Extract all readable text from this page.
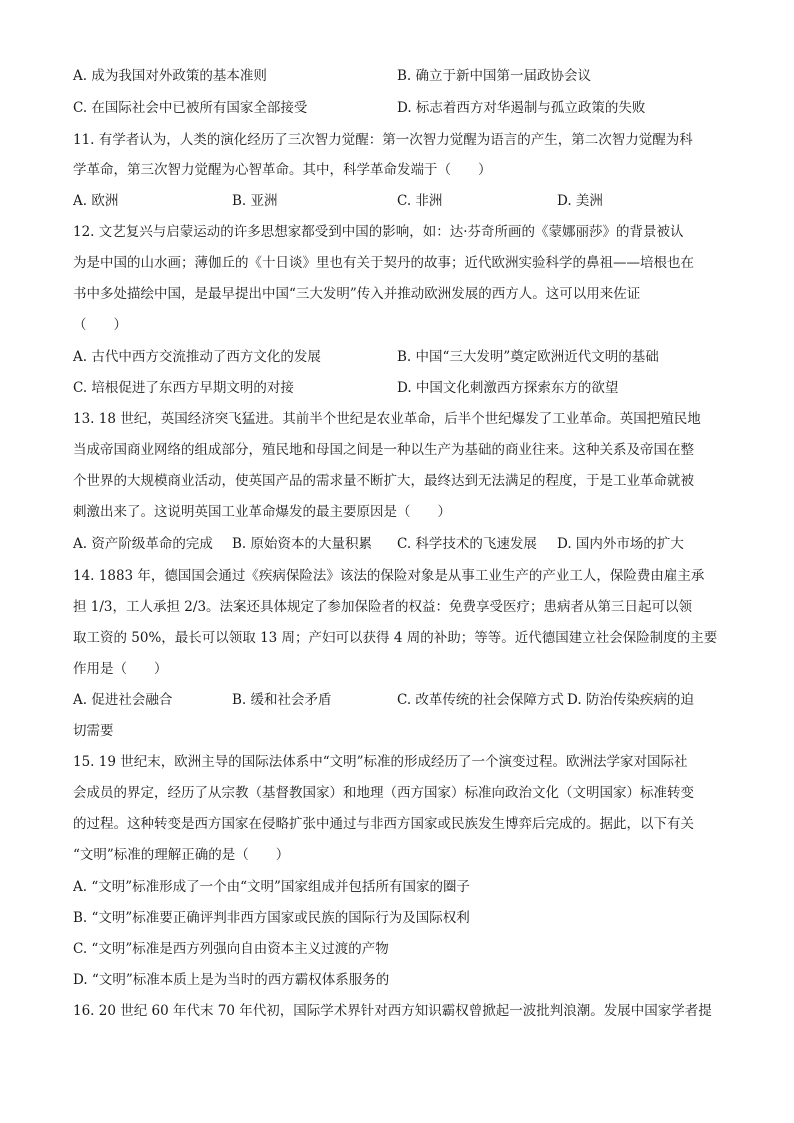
A. 成为我国对外政策的基本准则	B. 确立于新中国第一届政协会议
C. 在国际社会中已被所有国家全部接受	D. 标志着西方对华遏制与孤立政策的失败
11. 有学者认为，人类的演化经历了三次智力觉醒：第一次智力觉醒为语言的产生，第二次智力觉醒为科
学革命，第三次智力觉醒为心智革命。其中，科学革命发端于（　　）
A. 欧洲	B. 亚洲	C. 非洲	D. 美洲
12. 文艺复兴与启蒙运动的许多思想家都受到中国的影响，如：达·芬奇所画的《蒙娜丽莎》的背景被认
为是中国的山水画；薄伽丘的《十日谈》里也有关于契丹的故事；近代欧洲实验科学的鼻祖——培根也在
书中多处描绘中国，是最早提出中国“三大发明”传入并推动欧洲发展的西方人。这可以用来佐证
（　　）
A. 古代中西方交流推动了西方文化的发展	B. 中国“三大发明”奠定欧洲近代文明的基础
C. 培根促进了东西方早期文明的对接	D. 中国文化刺激西方探索东方的欲望
13. 18 世纪，英国经济突飞猛进。其前半个世纪是农业革命，后半个世纪爆发了工业革命。英国把殖民地
当成帝国商业网络的组成部分，殖民地和母国之间是一种以生产为基础的商业往来。这种关系及帝国在整
个世界的大规模商业活动，使英国产品的需求量不断扩大，最终达到无法满足的程度，于是工业革命就被
刺激出来了。这说明英国工业革命爆发的最主要原因是（　　）
A. 资产阶级革命的完成 B. 原始资本的大量积累 C. 科学技术的飞速发展 D. 国内外市场的扩大
14. 1883 年，德国国会通过《疾病保险法》该法的保险对象是从事工业生产的产业工人，保险费由雇主承
担 1/3，工人承担 2/3。法案还具体规定了参加保险者的权益：免费享受医疗；患病者从第三日起可以领
取工资的 50%，最长可以领取 13 周；产妇可以获得 4 周的补助；等等。近代德国建立社会保险制度的主要
作用是（　　）
A. 促进社会融合	B. 缓和社会矛盾	C. 改革传统的社会保障方式 D. 防治传染疾病的迫
切需要
15. 19 世纪末，欧洲主导的国际法体系中“文明”标准的形成经历了一个演变过程。欧洲法学家对国际社
会成员的界定，经历了从宗教（基督教国家）和地理（西方国家）标准向政治文化（文明国家）标准转变
的过程。这种转变是西方国家在侵略扩张中通过与非西方国家或民族发生博弈后完成的。据此，以下有关
“文明”标准的理解正确的是（　　）
A. “文明”标准形成了一个由“文明”国家组成并包括所有国家的圈子
B. “文明”标准要正确评判非西方国家或民族的国际行为及国际权利
C. “文明”标准是西方列强向自由资本主义过渡的产物
D. “文明”标准本质上是为当时的西方霸权体系服务的
16. 20 世纪 60 年代末 70 年代初，国际学术界针对西方知识霸权曾掀起一波批判浪潮。发展中国家学者提
